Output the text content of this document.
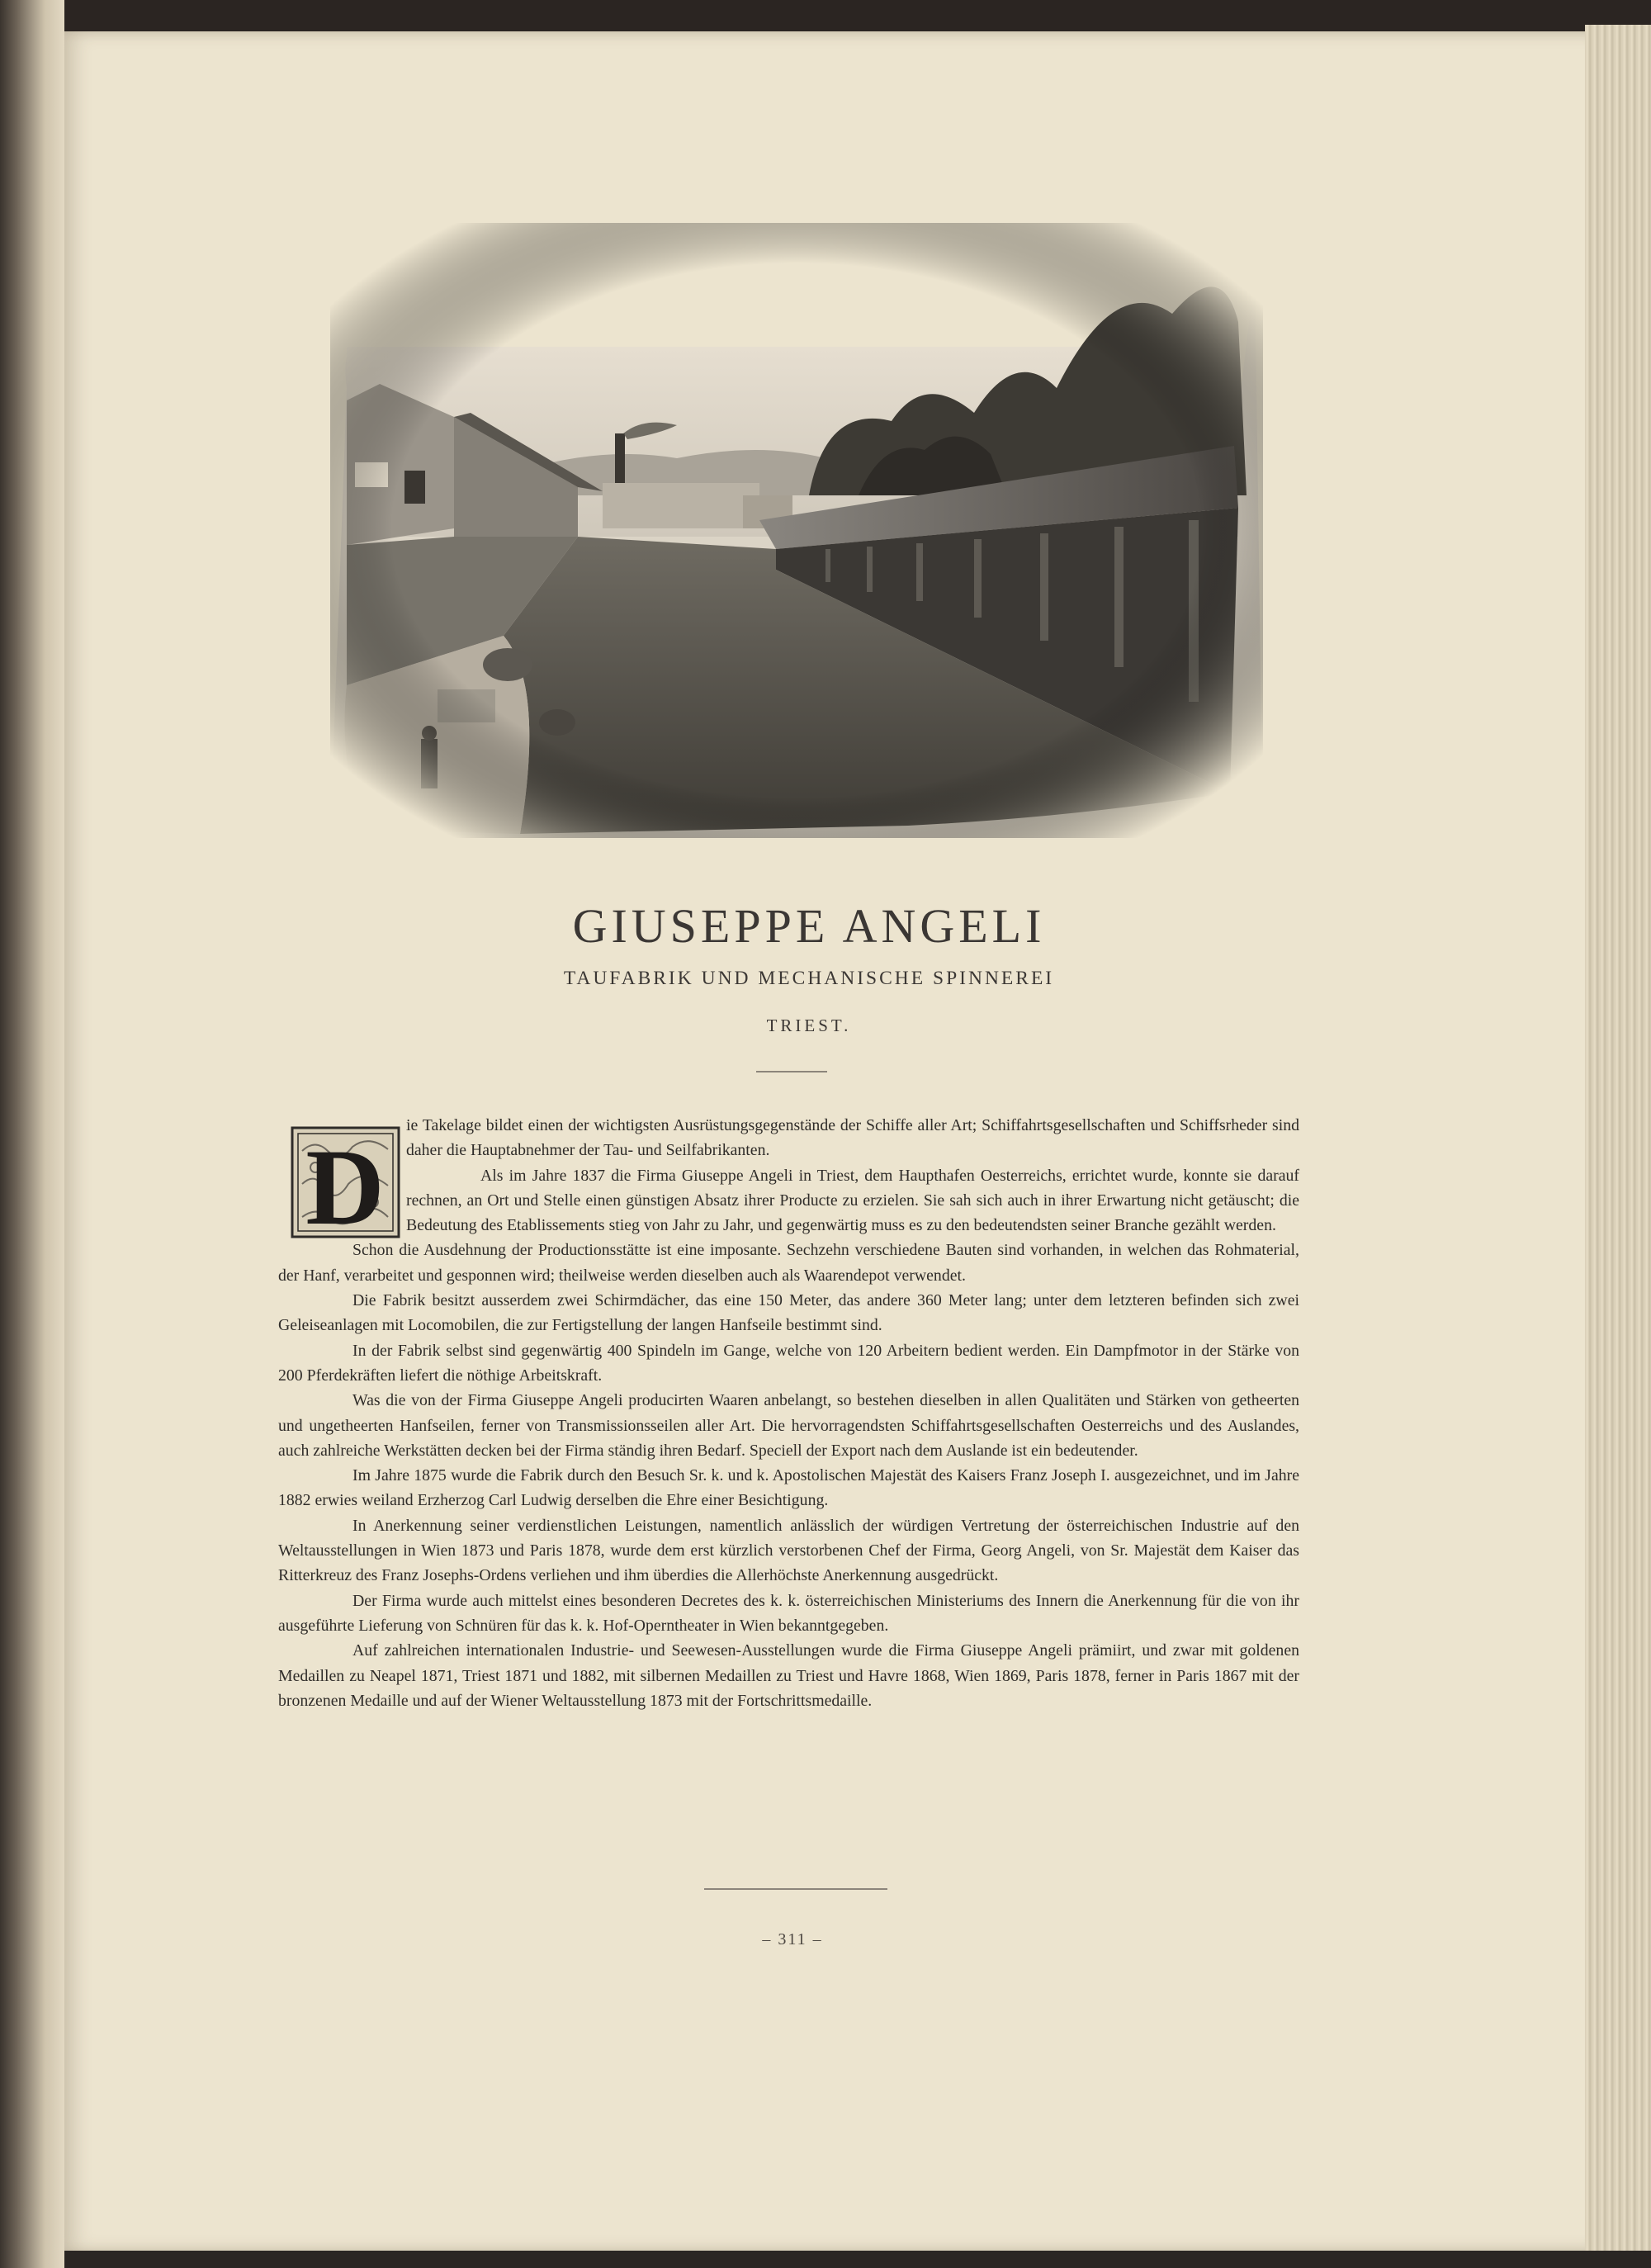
GIUSEPPE ANGELI
TAUFABRIK UND MECHANISCHE SPINNEREI
TRIEST.
D

ie Takelage bildet einen der wichtigsten Ausrüstungsgegenstände der Schiffe aller Art; Schiffahrtsgesellschaften und Schiffsrheder sind daher die Hauptabnehmer der Tau- und Seilfabrikanten.

Als im Jahre 1837 die Firma Giuseppe Angeli in Triest, dem Haupthafen Oesterreichs, errichtet wurde, konnte sie darauf rechnen, an Ort und Stelle einen günstigen Absatz ihrer Producte zu erzielen. Sie sah sich auch in ihrer Erwartung nicht getäuscht; die Bedeutung des Etablissements stieg von Jahr zu Jahr, und gegenwärtig muss es zu den bedeutendsten seiner Branche gezählt werden.

Schon die Ausdehnung der Productionsstätte ist eine imposante. Sechzehn verschiedene Bauten sind vorhanden, in welchen das Rohmaterial, der Hanf, verarbeitet und gesponnen wird; theilweise werden dieselben auch als Waarendepot verwendet.

Die Fabrik besitzt ausserdem zwei Schirmdächer, das eine 150 Meter, das andere 360 Meter lang; unter dem letzteren befinden sich zwei Geleiseanlagen mit Locomobilen, die zur Fertigstellung der langen Hanfseile bestimmt sind.

In der Fabrik selbst sind gegenwärtig 400 Spindeln im Gange, welche von 120 Arbeitern bedient werden. Ein Dampfmotor in der Stärke von 200 Pferdekräften liefert die nöthige Arbeitskraft.

Was die von der Firma Giuseppe Angeli producirten Waaren anbelangt, so bestehen dieselben in allen Qualitäten und Stärken von getheerten und ungetheerten Hanfseilen, ferner von Transmissionsseilen aller Art. Die hervorragendsten Schiffahrtsgesellschaften Oesterreichs und des Auslandes, auch zahlreiche Werkstätten decken bei der Firma ständig ihren Bedarf. Speciell der Export nach dem Auslande ist ein bedeutender.

Im Jahre 1875 wurde die Fabrik durch den Besuch Sr. k. und k. Apostolischen Majestät des Kaisers Franz Joseph I. ausgezeichnet, und im Jahre 1882 erwies weiland Erzherzog Carl Ludwig derselben die Ehre einer Besichtigung.

In Anerkennung seiner verdienstlichen Leistungen, namentlich anlässlich der würdigen Vertretung der österreichischen Industrie auf den Weltausstellungen in Wien 1873 und Paris 1878, wurde dem erst kürzlich verstorbenen Chef der Firma, Georg Angeli, von Sr. Majestät dem Kaiser das Ritterkreuz des Franz Josephs-Ordens verliehen und ihm überdies die Allerhöchste Anerkennung ausgedrückt.

Der Firma wurde auch mittelst eines besonderen Decretes des k. k. österreichischen Ministeriums des Innern die Anerkennung für die von ihr ausgeführte Lieferung von Schnüren für das k. k. Hof-Operntheater in Wien bekanntgegeben.

Auf zahlreichen internationalen Industrie- und Seewesen-Ausstellungen wurde die Firma Giuseppe Angeli prämiirt, und zwar mit goldenen Medaillen zu Neapel 1871, Triest 1871 und 1882, mit silbernen Medaillen zu Triest und Havre 1868, Wien 1869, Paris 1878, ferner in Paris 1867 mit der bronzenen Medaille und auf der Wiener Weltausstellung 1873 mit der Fortschrittsmedaille.

– 311 –
